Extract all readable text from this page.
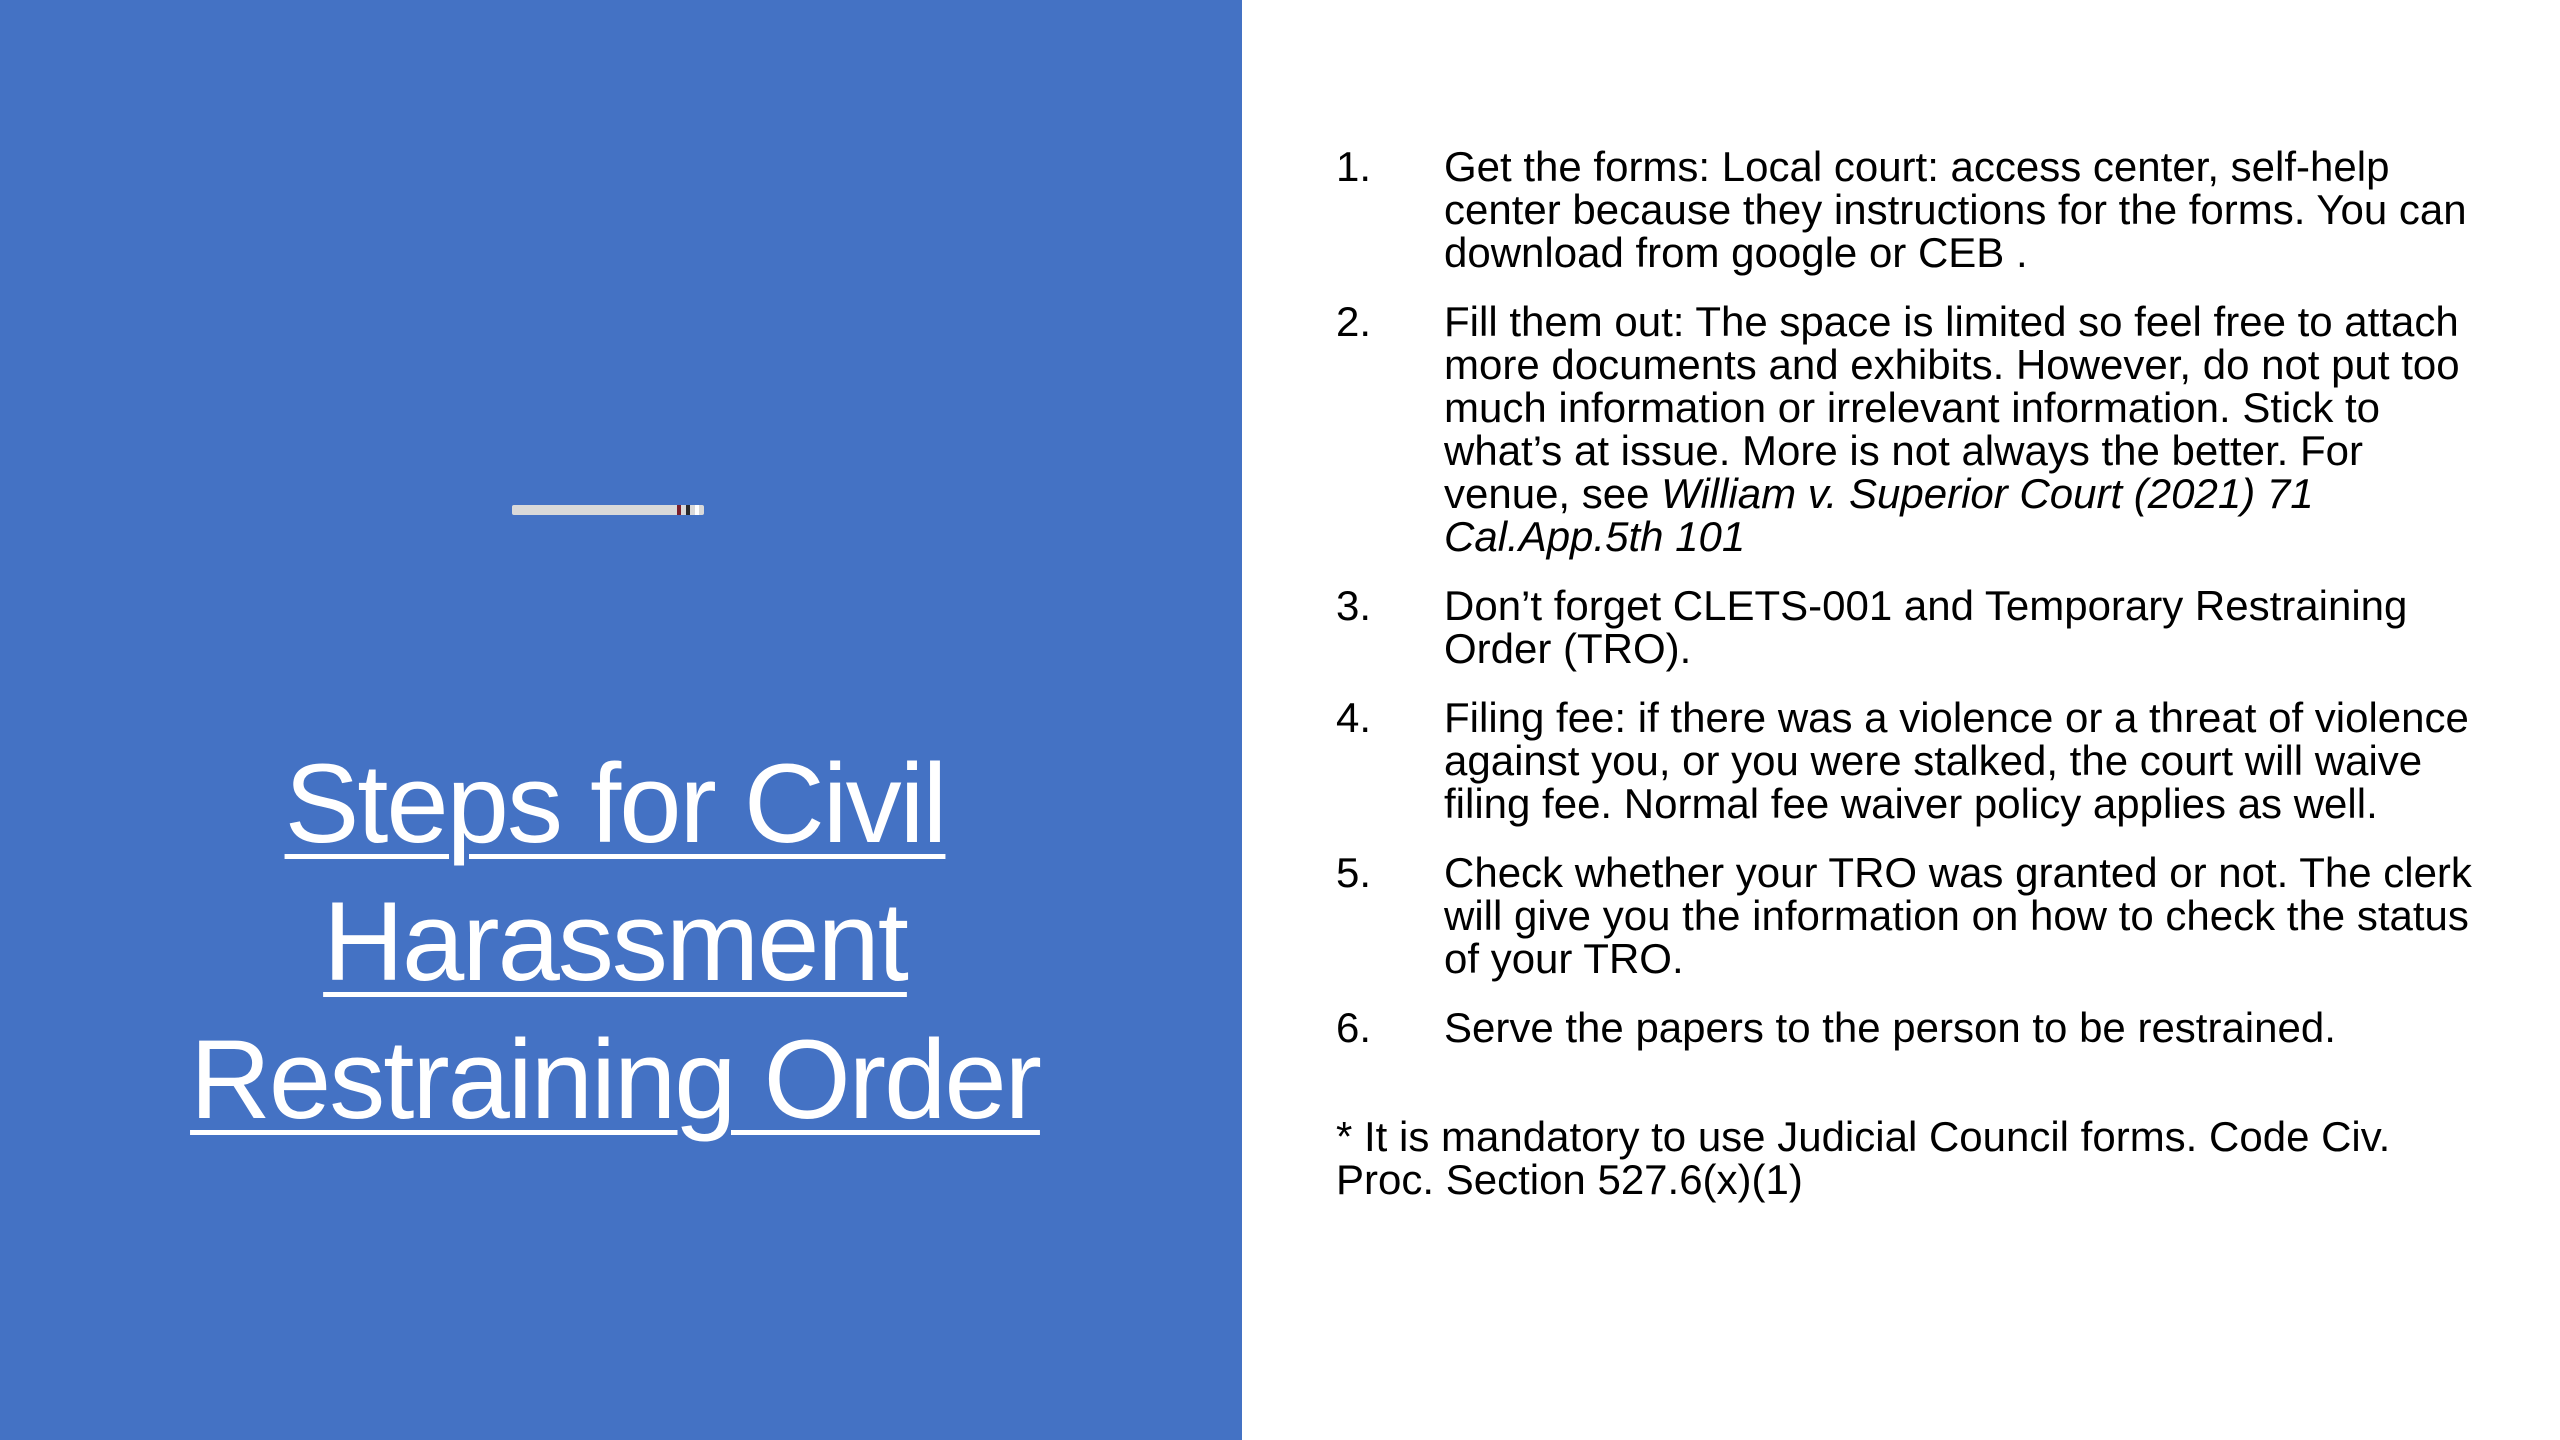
Steps for Civil
Harassment
Restraining Order
1.	Get the forms: Local court: access center, self-help center because they instructions for the forms. You can download from google or CEB .
2.	Fill them out: The space is limited so feel free to attach more documents and exhibits. However, do not put too much information or irrelevant information. Stick to what’s at issue. More is not always the better. For venue, see William v. Superior Court (2021) 71 Cal.App.5th 101
3.	Don’t forget CLETS-001 and Temporary Restraining Order (TRO).
4.	Filing fee: if there was a violence or a threat of violence against you, or you were stalked, the court will waive filing fee. Normal fee waiver policy applies as well.
5.	Check whether your TRO was granted or not. The clerk will give you the information on how to check the status of your TRO.
6.	Serve the papers to the person to be restrained.

* It is mandatory to use Judicial Council forms. Code Civ. Proc. Section 527.6(x)(1)
